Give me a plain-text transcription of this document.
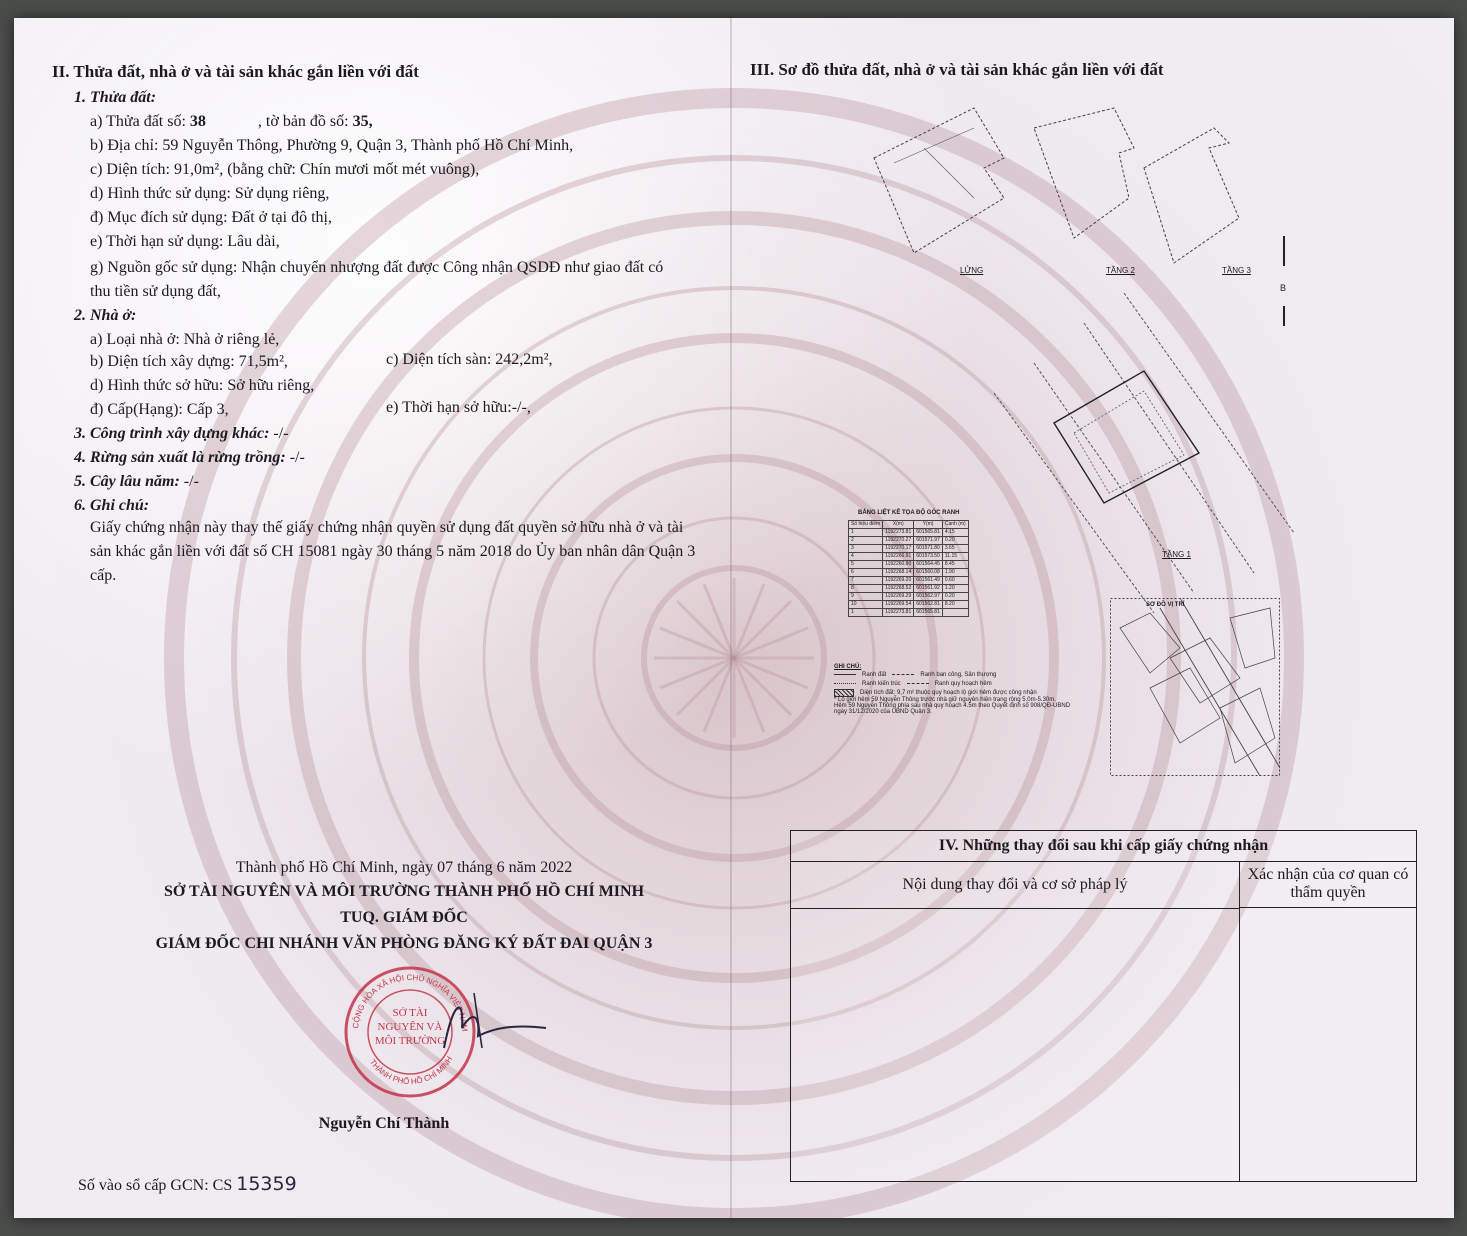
II. Thửa đất, nhà ở và tài sản khác gắn liền với đất
1. Thửa đất:
a) Thửa đất số: 38	, tờ bản đồ số: 35,
b) Địa chỉ: 59 Nguyễn Thông, Phường 9, Quận 3, Thành phố Hồ Chí Minh,
c) Diện tích: 91,0m², (bằng chữ: Chín mươi mốt mét vuông),
d) Hình thức sử dụng: Sử dụng riêng,
đ) Mục đích sử dụng: Đất ở tại đô thị,
e) Thời hạn sử dụng: Lâu dài,
g) Nguồn gốc sử dụng: Nhận chuyển nhượng đất được Công nhận QSDĐ như giao đất có
thu tiền sử dụng đất,
2. Nhà ở:
a) Loại nhà ở: Nhà ở riêng lẻ,
b) Diện tích xây dựng: 71,5m²,	c) Diện tích sàn: 242,2m²,
d) Hình thức sở hữu: Sở hữu riêng,
đ) Cấp(Hạng): Cấp 3,	e) Thời hạn sở hữu:-/-,
3. Công trình xây dựng khác: -/-
4. Rừng sản xuất là rừng trồng: -/-
5. Cây lâu năm: -/-
6. Ghi chú:
Giấy chứng nhận này thay thế giấy chứng nhận quyền sử dụng đất quyền sở hữu nhà ở và tài sản khác gắn liền với đất số CH 15081 ngày 30 tháng 5 năm 2018 do Ủy ban nhân dân Quận 3 cấp.
Thành phố Hồ Chí Minh, ngày 07 tháng 6 năm 2022
SỞ TÀI NGUYÊN VÀ MÔI TRƯỜNG THÀNH PHỐ HỒ CHÍ MINH
TUQ. GIÁM ĐỐC
GIÁM ĐỐC CHI NHÁNH VĂN PHÒNG ĐĂNG KÝ ĐẤT ĐAI QUẬN 3
CỘNG HÒA XÃ HỘI CHỦ NGHĨA VIỆT NAM
THÀNH PHỐ HỒ CHÍ MINH
SỞ TÀI NGUYÊN VÀ MÔI TRƯỜNG
Nguyễn Chí Thành
Số vào sổ cấp GCN: CS 15359
III. Sơ đồ thửa đất, nhà ở và tài sản khác gắn liền với đất
LỬNG	TẦNG 2	TẦNG 3
B
TẦNG 1
BẢNG LIỆT KÊ TỌA ĐỘ GÓC RANH
Số hiệu điểm	X(m)	Y(m)	Cạnh (m)
1	1192273.81	601565.81	4.15
2	1192270.27	601571.97	0.20
3	1192270.17	601571.80	3.65
4	1192266.91	601573.50	11.15
5	1192260.90	601564.45	8.45
6	1192268.14	601560.08	1.90
7	1192269.20	601561.49	0.60
8	1192268.52	601561.92	1.20
9	1192269.29	601562.97	0.20
10	1192269.54	601562.81	8.20
1	1192273.81	601565.81	
GHI CHÚ:
Ranh đất	Ranh ban công, Sân thượng
Ranh kiến trúc	Ranh quy hoạch hẻm
Diện tích đất: 9,7 m² thuộc quy hoạch lộ giới hẻm được công nhận
* Lộ giới hẻm 59 Nguyễn Thông trước nhà giữ nguyên hiện trạng rộng 5.0m-5.30m.
Hẻm 59 Nguyễn Thông phía sau nhà quy hoạch 4.5m theo Quyết định số 908/QĐ-UBND
ngày 31/12/2020 của UBND Quận 3.
SƠ ĐỒ VỊ TRÍ
IV. Những thay đổi sau khi cấp giấy chứng nhận
Nội dung thay đổi và cơ sở pháp lý
Xác nhận của cơ quan có thẩm quyền
